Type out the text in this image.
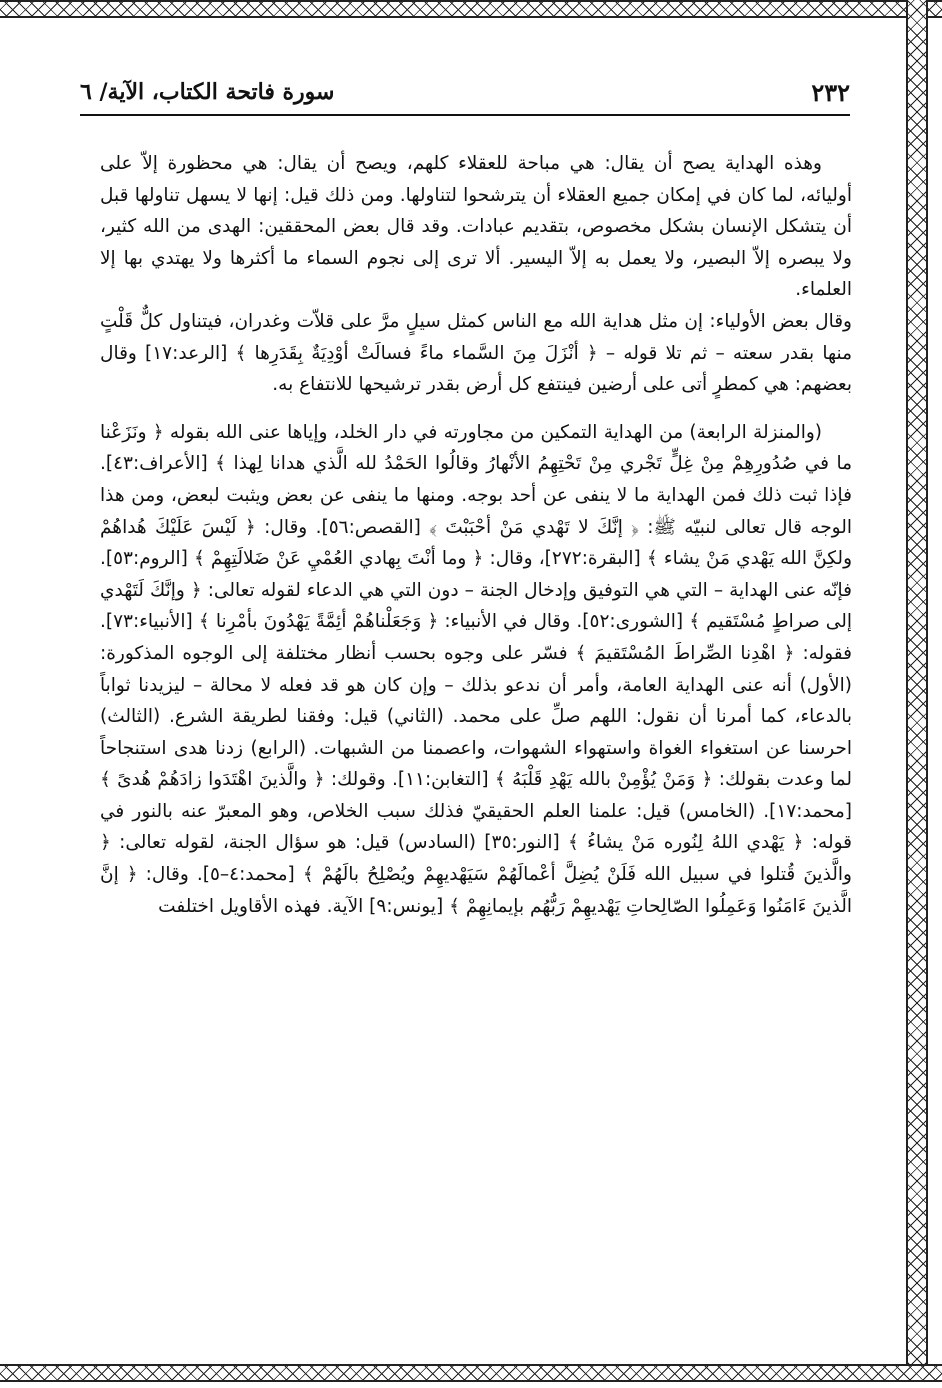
٢٣٢
سورة فاتحة الكتاب، الآية/ ٦

وهذه الهداية يصح أن يقال: هي مباحة للعقلاء كلهم، ويصح أن يقال: هي محظورة إلاّ على أوليائه، لما كان في إمكان جميع العقلاء أن يترشحوا لتناولها. ومن ذلك قيل: إنها لا يسهل تناولها قبل أن يتشكل الإنسان بشكل مخصوص، بتقديم عبادات. وقد قال بعض المحققين: الهدى من الله كثير، ولا يبصره إلاّ البصير، ولا يعمل به إلاّ اليسير. ألا ترى إلى نجوم السماء ما أكثرها ولا يهتدي بها إلا العلماء.

وقال بعض الأولياء: إن مثل هداية الله مع الناس كمثل سيلٍ مرَّ على قلاّت وغدران، فيتناول كلٌّ قَلْتٍ منها بقدر سعته – ثم تلا قوله – ﴿ أنْزَلَ مِنَ السَّماء ماءً فسالَتْ أوْدِيَةٌ بِقَدَرِها ﴾ [الرعد:١٧] وقال بعضهم: هي كمطرٍ أتى على أرضين فينتفع كل أرض بقدر ترشيحها للانتفاع به.

(والمنزلة الرابعة) من الهداية التمكين من مجاورته في دار الخلد، وإياها عنى الله بقوله ﴿ ونَزَعْنا ما في صُدُورِهِمْ مِنْ غِلٍّ تَجْري مِنْ تَحْتِهِمُ الأنْهارُ وقالُوا الحَمْدُ لله الَّذي هدانا لِهذا ﴾ [الأعراف:٤٣]. فإذا ثبت ذلك فمن الهداية ما لا ينفى عن أحد بوجه. ومنها ما ينفى عن بعض ويثبت لبعض، ومن هذا الوجه قال تعالى لنبيّه ﷺ: ﴿ إنَّكَ لا تَهْدي مَنْ أحْبَبْتَ ﴾ [القصص:٥٦]. وقال: ﴿ لَيْسَ عَلَيْكَ هُداهُمْ ولكِنَّ الله يَهْدي مَنْ يشاء ﴾ [البقرة:٢٧٢]، وقال: ﴿ وما أنْتَ بِهادي العُمْيِ عَنْ ضَلالَتِهِمْ ﴾ [الروم:٥٣]. فإنّه عنى الهداية – التي هي التوفيق وإدخال الجنة – دون التي هي الدعاء لقوله تعالى: ﴿ وإنَّكَ لَتَهْدي إلى صراطٍ مُسْتَقيم ﴾ [الشورى:٥٢]. وقال في الأنبياء: ﴿ وَجَعَلْناهُمْ أئِمَّةً يَهْدُونَ بأمْرِنا ﴾ [الأنبياء:٧٣]. فقوله: ﴿ اهْدِنا الصِّراطَ المُسْتَقيمَ ﴾ فسّر على وجوه بحسب أنظار مختلفة إلى الوجوه المذكورة: (الأول) أنه عنى الهداية العامة، وأمر أن ندعو بذلك – وإن كان هو قد فعله لا محالة – ليزيدنا ثواباً بالدعاء، كما أمرنا أن نقول: اللهم صلِّ على محمد. (الثاني) قيل: وفقنا لطريقة الشرع. (الثالث) احرسنا عن استغواء الغواة واستهواء الشهوات، واعصمنا من الشبهات. (الرابع) زدنا هدى استنجاحاً لما وعدت بقولك: ﴿ وَمَنْ يُؤْمِنْ بالله يَهْدِ قَلْبَهُ ﴾ [التغابن:١١]. وقولك: ﴿ والَّذينَ اهْتَدَوا زادَهُمْ هُدىً ﴾ [محمد:١٧]. (الخامس) قيل: علمنا العلم الحقيقيّ فذلك سبب الخلاص، وهو المعبرّ عنه بالنور في قوله: ﴿ يَهْدي اللهُ لِنُوره مَنْ يشاءُ ﴾ [النور:٣٥] (السادس) قيل: هو سؤال الجنة، لقوله تعالى: ﴿ والَّذينَ قُتلوا في سبيل الله فَلَنْ يُضِلَّ أعْمالَهُمْ سَيَهْديهِمْ ويُصْلِحُ بالَهُمْ ﴾ [محمد:٤–٥]. وقال: ﴿ إنَّ الَّذينَ ءَامَنُوا وَعَمِلُوا الصّالِحاتِ يَهْديهِمْ رَبُّهُم بإيمانِهِمْ ﴾ [يونس:٩] الآية. فهذه الأقاويل اختلفت
